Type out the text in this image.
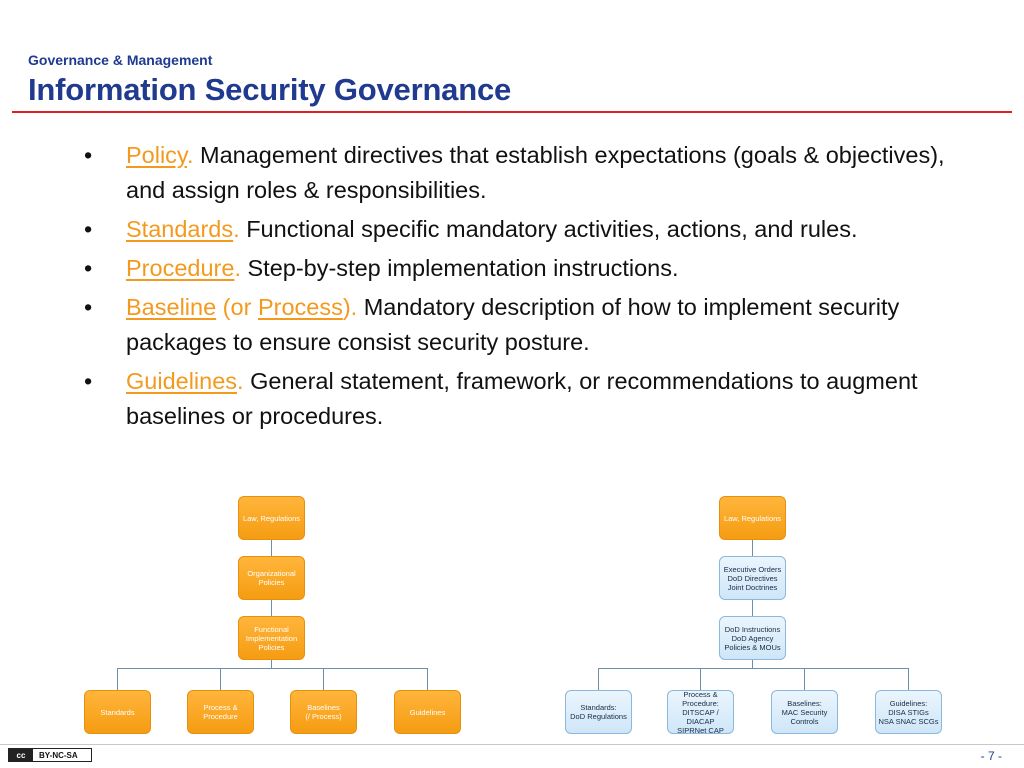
Governance & Management
Information Security Governance
• Policy. Management directives that establish expectations (goals & objectives), and assign roles & responsibilities.
• Standards. Functional specific mandatory activities, actions, and rules.
• Procedure. Step-by-step implementation instructions.
• Baseline (or Process). Mandatory description of how to implement security packages to ensure consist security posture.
• Guidelines. General statement, framework, or recommendations to augment baselines or procedures.
Law, Regulations
Organizational
Policies
Functional
Implementation
Policies
Standards	Process &
Procedure
Baselines
(/ Process)	Guidelines
Law, Regulations
Executive Orders
DoD Directives
Joint Doctrines
DoD Instructions
DoD Agency
Policies & MOUs
Standards:
DoD Regulations
Process &
Procedure:
DITSCAP /
DIACAP
SIPRNet CAP
Baselines:
MAC Security
Controls
Guidelines:
DISA STIGs
NSA SNAC SCGs
cc	BY-NC-SA	- 7 -
